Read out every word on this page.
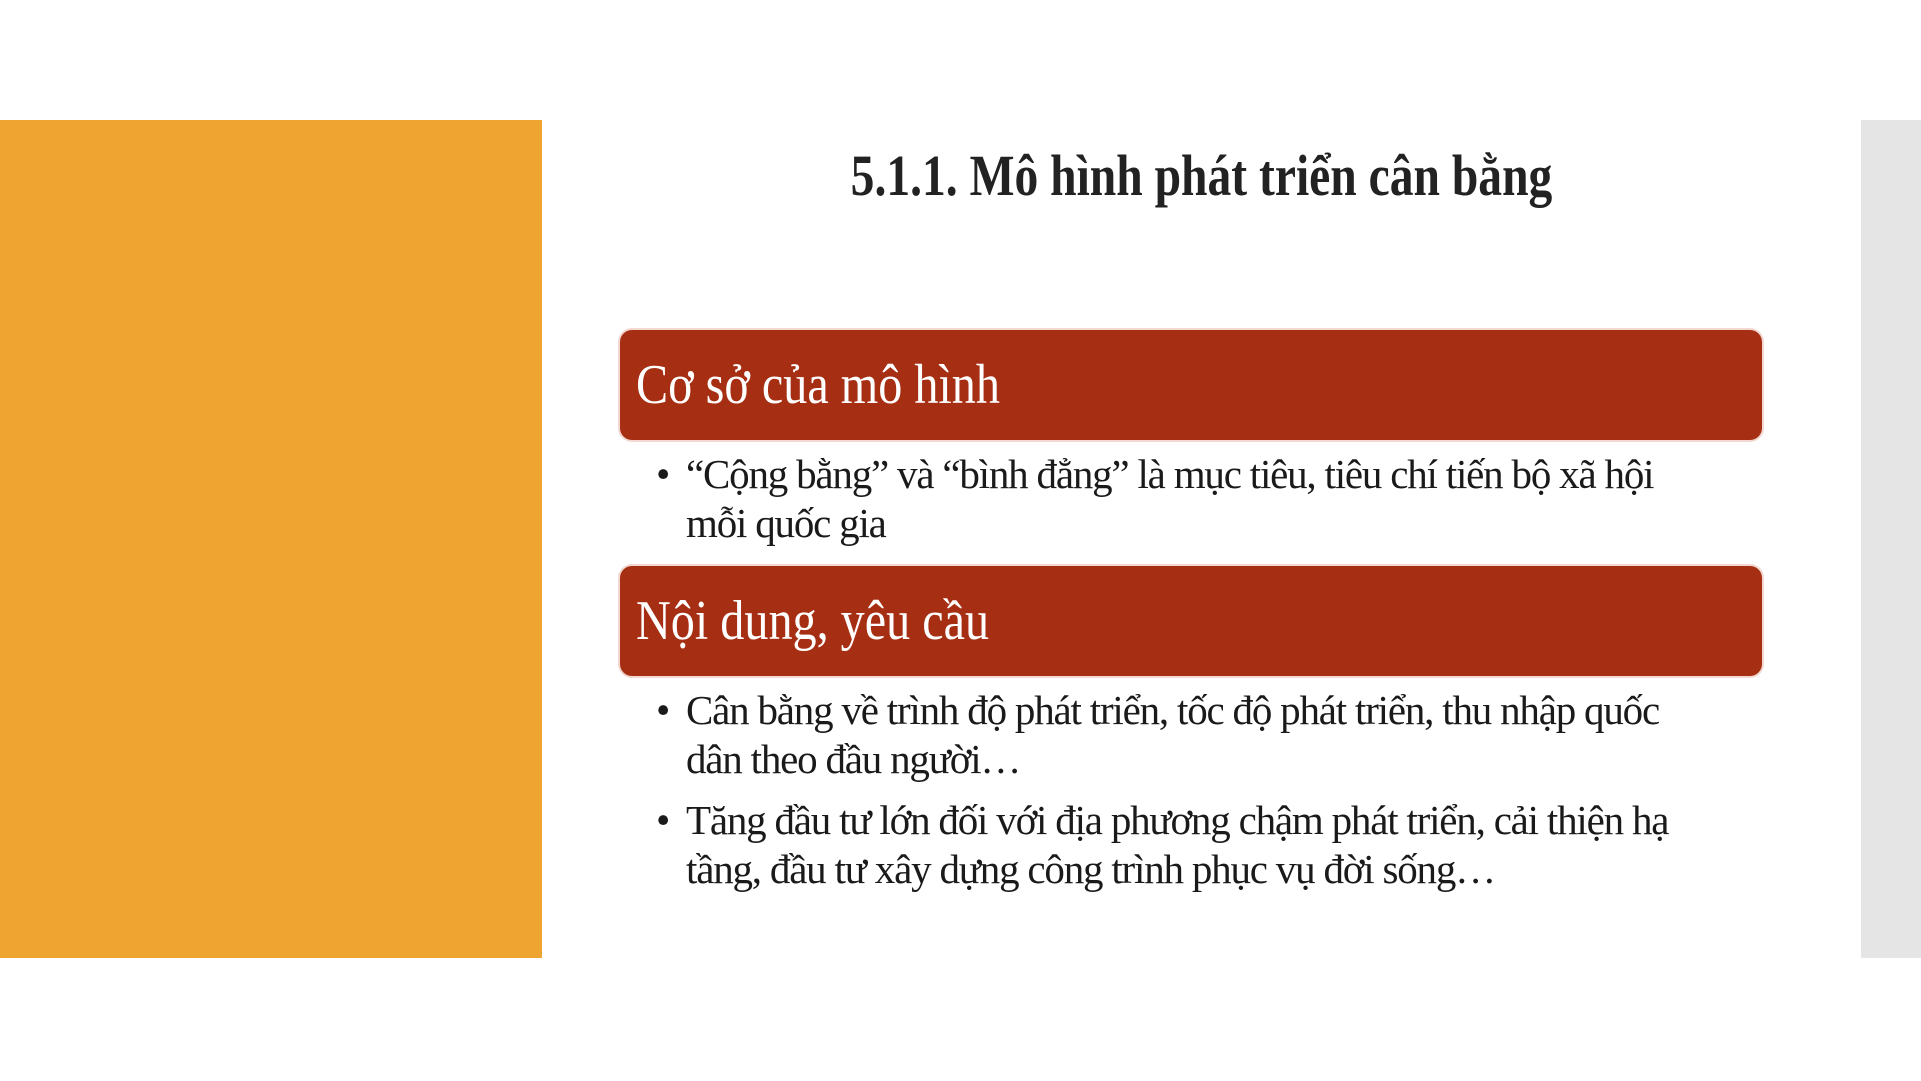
5.1.1. Mô hình phát triển cân bằng
Cơ sở của mô hình
• “Cộng bằng” và “bình đẳng” là mục tiêu, tiêu chí tiến bộ xã hội mỗi quốc gia
Nội dung, yêu cầu
• Cân bằng về trình độ phát triển, tốc độ phát triển, thu nhập quốc dân theo đầu người…
• Tăng đầu tư lớn đối với địa phương chậm phát triển, cải thiện hạ tầng, đầu tư xây dựng công trình phục vụ đời sống…
